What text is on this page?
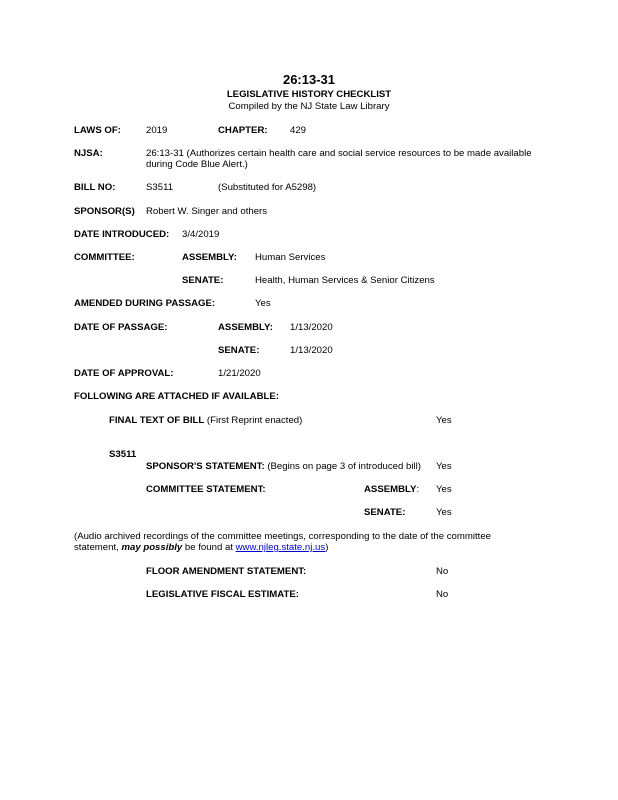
26:13-31
LEGISLATIVE HISTORY CHECKLIST
Compiled by the NJ State Law Library
LAWS OF:	2019	CHAPTER: 429
NJSA:	26:13-31 (Authorizes certain health care and social service resources to be made available
during Code Blue Alert.)
BILL NO:	S3511	(Substituted for A5298)
SPONSOR(S) Robert W. Singer and others
DATE INTRODUCED: 3/4/2019
COMMITTEE:	ASSEMBLY: Human Services
SENATE:	Health, Human Services & Senior Citizens
AMENDED DURING PASSAGE:	Yes
DATE OF PASSAGE:	ASSEMBLY: 1/13/2020
SENATE:	1/13/2020
DATE OF APPROVAL:	1/21/2020
FOLLOWING ARE ATTACHED IF AVAILABLE:
FINAL TEXT OF BILL (First Reprint enacted)	Yes
S3511
SPONSOR'S STATEMENT: (Begins on page 3 of introduced bill) Yes
COMMITTEE STATEMENT:	ASSEMBLY: Yes
SENATE:	Yes
(Audio archived recordings of the committee meetings, corresponding to the date of the committee
statement, may possibly be found at www.njleg.state.nj.us)
FLOOR AMENDMENT STATEMENT:	No
LEGISLATIVE FISCAL ESTIMATE:	No
